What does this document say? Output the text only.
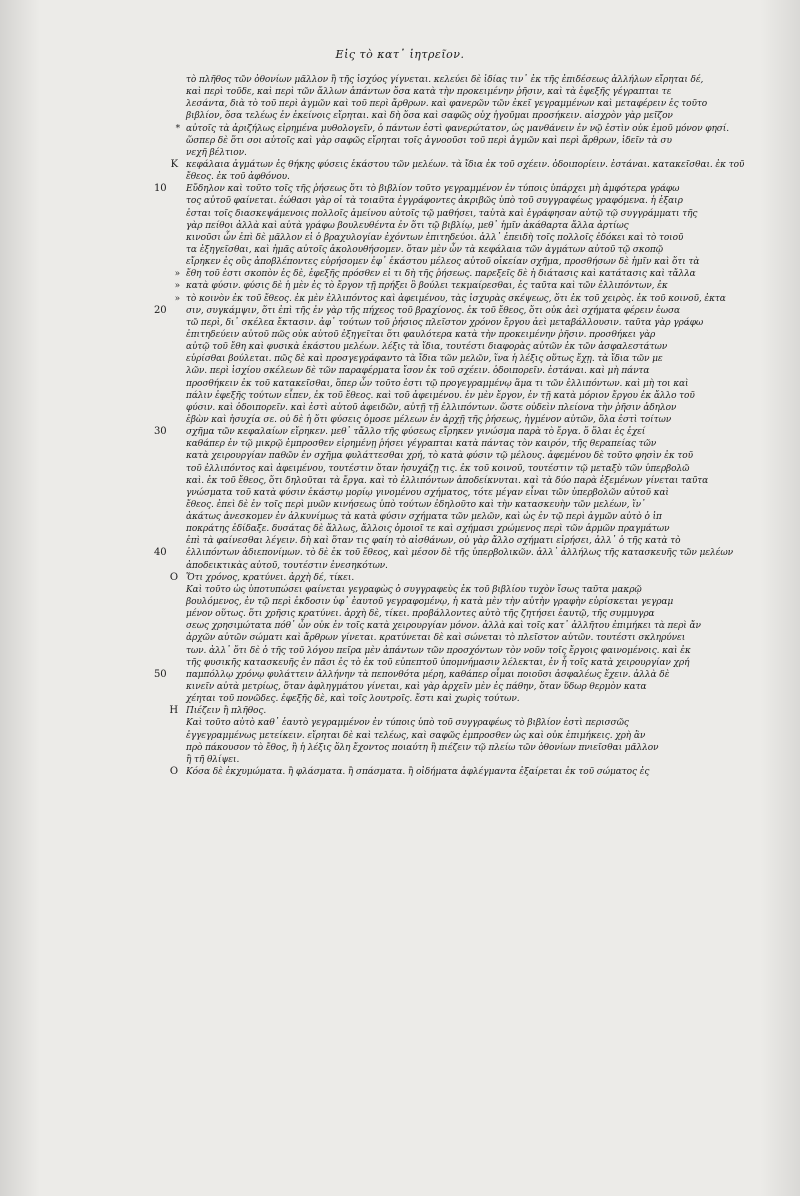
Εἰς τὸ κατ᾽ ἰητρεῖον.
τὸ πλῆθος τῶν ὀθονίων μᾶλλον ἢ τῆς ἰσχύος γίγνεται. κελεύει δὲ ἰδίας τιν᾽ ἐκ τῆς ἐπιδέσεως ἀλλήλων εἴρηται δέ,
καὶ περὶ τοῦδε, καὶ περὶ τῶν ἄλλων ἁπάντων ὅσα κατὰ τὴν προκειμένην ῥῆσιν, καὶ τὰ ἐφεξῆς γέγραπται τε
λεσάντα, διὰ τὸ τοῦ περὶ ἀγμῶν καὶ τοῦ περὶ ἄρθρων. καὶ φανερῶν τῶν ἐκεῖ γεγραμμένων καὶ μεταφέρειν ἐς τοῦτο
βιβλίον, ὅσα τελέως ἐν ἐκείνοις εἴρηται. καὶ δὴ ὅσα καὶ σαφῶς οὐχ ἡγοῦμαι προσήκειν. αἰσχρὸν γὰρ μεῖζον
* αὐτοῖς τὰ ἀριζήλως εἰρημένα μυθολογεῖν, ὁ πάντων ἐστὶ φανερώτατον, ὡς μανθάνειν ἐν νῷ ἐστὶν οὐκ ἐμοῦ μόνον φησί.
ὥσπερ δὲ ὅτι σοι αὐτοῖς καὶ γὰρ σαφῶς εἴρηται τοῖς ἀγνοοῦσι τοῦ περὶ ἀγμῶν καὶ περὶ ἄρθρων, ἰδεῖν τὰ συ
νεχῆ βέλτιον.
Κ κεφάλαια ἀγμάτων ἐς θήκης φύσεις ἑκάστου τῶν μελέων. τὰ ἴδια ἐκ τοῦ σχέειν. ὁδοιπορίειν. ἑστάναι. κατακεῖσθαι. ἐκ τοῦ
ἔθεος. ἐκ τοῦ ἀφθόνου.
10	Εὔδηλον καὶ τοῦτο τοῖς τῆς ῥήσεως ὅτι τὸ βιβλίον τοῦτο γεγραμμένον ἐν τύποις ὑπάρχει μὴ ἀμφότερα γράφω
τος αὐτοῦ φαίνεται. ἐώθασι γὰρ οἱ τὰ τοιαῦτα ἐγγράφοντες ἀκριβῶς ὑπὸ τοῦ συγγραφέως γραφόμενα. ἡ ἐξαιρ
ἐσται τοῖς διασκεψάμενοις πολλοῖς ἀμείνου αὐτοῖς τῷ μαθήσει, ταὐτὰ καὶ ἐγράφησαν αὐτῷ τῷ συγγράμματι τῆς
γὰρ πείθοι ἀλλὰ καὶ αὐτὰ γράφω βουλευθέντα ἐν ὅτι τῷ βιβλίῳ, μεθ᾽ ἡμῖν ἀκάθαρτα ἄλλα ἀρτίως
κινοῦσι ὧν ἐπὶ δὲ μᾶλλον εἰ ὁ βραχυλογίαν ἐχόντων ἐπιτηδεύοι. ἀλλ᾽ ἐπειδὴ τοῖς πολλοῖς ἐδόκει καὶ τὸ τοιοῦ
τα ἐξηγεῖσθαι, καὶ ἡμᾶς αὐτοῖς ἀκολουθήσομεν. ὅταν μὲν ὧν τὰ κεφάλαια τῶν ἀγμάτων αὐτοῦ τῷ σκοπῷ
εἴρηκεν ἐς οὓς ἀποβλέποντες εὑρήσομεν ἐφ᾽ ἑκάστου μέλεος αὐτοῦ οἰκείαν σχῆμα, προσθήσων δὲ ἡμῖν καὶ ὅτι τὰ
» ἔθη τοῦ ἐστι σκοπὸν ἐς δὲ, ἐφεξῆς πρόσθεν εἰ τι δὴ τῆς ῥήσεως. παρεξεῖς δὲ ἡ διάτασις καὶ κατάτασις καὶ τἄλλα
» κατὰ φύσιν. φύσις δὲ ἡ μὲν ἐς τὸ ἔργον τῇ πρήξει ὃ βούλει τεκμαίρεσθαι, ἐς ταῦτα καὶ τῶν ἐλλιπόντων, ἐκ
» τὸ κοινὸν ἐκ τοῦ ἔθεος. ἐκ μὲν ἐλλιπόντος καὶ ἀφειμένου, τὰς ἰσχυρὰς σκέψεως, ὅτι ἐκ τοῦ χειρὸς. ἐκ τοῦ κοινοῦ, ἐκτα
20	σιν, συγκάμψιν, ὅτι ἐπὶ τῆς ἐν γὰρ τῆς πήχεος τοῦ βραχίονος. ἐκ τοῦ ἔθεος, ὅτι οὐκ ἀεὶ σχήματα φέρειν ἐωσα
τῶ περὶ, δι᾽ σκέλεα ἔκτασιν. ἀφ᾽ τούτων τοῦ ῥήσιος πλεῖστον χρόνον ἔργου ἀεὶ μεταβάλλουσιν. ταῦτα γὰρ γράφω
ἐπιτηδεύειν αὐτοῦ πῶς οὐκ αὐτοῦ ἐξηγεῖται ὅτι φαυλότερα κατὰ τὴν προκειμένην ῥῆσιν. προσθήκει γὰρ
αὐτῷ τοῦ ἔθη καὶ φυσικὰ ἑκάστου μελέων. λέξις τὰ ἴδια, τουτέστι διαφορὰς αὐτῶν ἐκ τῶν ἀσφαλεστάτων
εὑρίσθαι βούλεται. πῶς δὲ καὶ προσγεγράφαντο τὰ ἴδια τῶν μελῶν, ἵνα ἡ λέξις οὕτως ἔχῃ. τὰ ἴδια τῶν με
λῶν. περὶ ἰσχίου σκέλεων δὲ τῶν παραφέρματα ἴσον ἐκ τοῦ σχέειν. ὁδοιπορεῖν. ἑστάναι. καὶ μὴ πάντα
προσθήκειν ἐκ τοῦ κατακεῖσθαι, ὅπερ ὧν τοῦτο ἐστι τῷ προγεγραμμένῳ ἅμα τι τῶν ἐλλιπόντων. καὶ μὴ τοι καὶ
πάλιν ἐφεξῆς τούτων εἶπεν, ἐκ τοῦ ἔθεος. καὶ τοῦ ἀφειμένου. ἐν μὲν ἔργον, ἐν τῇ κατὰ μόριον ἔργου ἐκ ἄλλο τοῦ
φύσιν. καὶ ὁδοιπορεῖν. καὶ ἐστὶ αὐτοῦ ἀφειδῶν, αὐτῇ τῇ ἐλλιπόντων. ὥστε οὐδεὶν πλείονα τὴν ῥῆσιν ἀδηλον
ἐβὼν καὶ ἡσυχία σε. οὐ δὲ ἡ ὅτι φύσεις ὁμοσε μέλεων ἐν ἀρχῇ τῆς ῥήσεως, ἠγμένον αὐτῶν, ὅλα ἐστὶ τοίτων
30	σχῆμα τῶν κεφαλαίων εἴρηκεν. μεθ᾽ τἄλλο τῆς φύσεως εἴρηκεν γινώσμα παρὰ τὸ ἔργα. ὅ ὅλαι ἐς ἐχεί
καθάπερ ἐν τῷ μικρῷ ἐμπροσθεν εἰρημένῃ ῥήσει γέγραπται κατὰ πάντας τὸν καιρόν, τῆς θεραπείας τῶν
κατὰ χειρουργίαν παθῶν ἐν σχῆμα φυλάττεσθαι χρή, τὸ κατὰ φύσιν τῷ μέλους. ἀφεμένου δὲ τοῦτο φησὶν ἐκ τοῦ
τοῦ ἐλλιπόντος καὶ ἀφειμένου, τουτέστιν ὅταν ἡσυχάζῃ τις. ἐκ τοῦ κοινοῦ, τουτέστιν τῷ μεταξὺ τῶν ὑπερβολῶ
καὶ. ἐκ τοῦ ἔθεος, ὅτι δηλοῦται τὰ ἔργα. καὶ τὸ ἐλλιπόντων ἀποδείκνυται. καὶ τὰ δύο παρὰ ἐξεμένων γίνεται ταῦτα
γνώσματα τοῦ κατὰ φύσιν ἑκάστῳ μορίῳ γινομένου σχήματος, τότε μέγαν εἶναι τῶν ὑπερβολῶν αὐτοῦ καὶ
ἔθεος. ἐπεὶ δὲ ἐν τοῖς περὶ μυῶν κινήσεως ὑπὸ τούτων ἐδηλοῦτο καὶ τὴν κατασκευὴν τῶν μελέων, ἵν᾽
ἀκάτως ἀνεσκομεν ἐν ἀλκυνίμως τὰ κατὰ φύσιν σχήματα τῶν μελῶν, καὶ ὡς ἐν τῷ περὶ ἀγμῶν αὐτὸ ὁ ἱπ
ποκράτης ἐδίδαξε. δυσάτας δὲ ἄλλως, ἄλλοις ὁμοιοῖ τε καὶ σχήμασι χρώμενος περὶ τῶν ἁρμῶν πραγμάτων
ἐπὶ τὰ φαίνεσθαι λέγειν. δὴ καὶ ὅταν τις φαίη τὸ αἰσθάνων, οὐ γὰρ ἄλλο σχήματι εἰρήσει, ἀλλ᾽ ὁ τῆς κατὰ τὸ
40	ἐλλιπόντων ἀδιεπονίμων. τὸ δὲ ἐκ τοῦ ἔθεος, καὶ μέσον δὲ τῆς ὑπερβολικῶν. ἀλλ᾽ ἀλλήλως τῆς κατασκευῆς τῶν μελέων
ἀποδεικτικὰς αὐτοῦ, τουτέστιν ἐνεσηκότων.
Ο Ὅτι χρόνος, κρατύνει. ἀρχὴ δέ, τίκει.
Καὶ τοῦτο ὡς ὑποτυπώσει φαίνεται γεγραφὼς ὁ συγγραφεὺς ἐκ τοῦ βιβλίου τυχὸν ἴσως ταῦτα μακρῷ
βουλόμενος, ἐν τῷ περὶ ἐκδοσιν ὑφ᾽ ἑαυτοῦ γεγραφομένῳ, ἡ κατὰ μὲν τὴν αὐτὴν γραφὴν εὑρίσκεται γεγραμ
μένον οὕτως. ὅτι χρῆσις κρατύνει. ἀρχὴ δὲ, τίκει. προβάλλοντες αὐτὸ τῆς ζητήσει ἑαυτῷ, τῆς συμμυγρα
σεως χρησιμώτατα πόθ᾽ ὧν οὐκ ἐν τοῖς κατὰ χειρουργίαν μόνον. ἀλλὰ καὶ τοῖς κατ᾽ ἀλλῆτου ἐπιμήκει τὰ περὶ ἄν
ἀρχῶν αὐτῶν σώματι καὶ ἄρθρων γίνεται. κρατύνεται δὲ καὶ σώνεται τὸ πλεῖστον αὐτῶν. τουτέστι σκληρύνει
των. ἀλλ᾽ ὅτι δὲ ὁ τῆς τοῦ λόγου πεῖρα μὲν ἁπάντων τῶν προσχόντων τὸν νοῦν τοῖς ἔργοις φαινομένοις. καὶ ἐκ
τῆς φυσικῆς κατασκευῆς ἐν πᾶσι ἐς τὸ ἐκ τοῦ εὐπεπτοῦ ὑπομνήμασιν λέλεκται, ἐν ἧ τοῖς κατὰ χειρουργίαν χρή
50	παμπόλλῳ χρόνῳ φυλάττειν ἀλλήνην τὰ πεπονθότα μέρη, καθάπερ οἶμαι ποιοῦσι ἀσφαλέως ἔχειν. ἀλλὰ δὲ
κινεῖν αὐτὰ μετρίως, ὅταν ἀφληγμάτου γίνεται, καὶ γὰρ ἀρχεῖν μὲν ἐς πάθην, ὅταν ὕδωρ θερμὸν κατα
χέηται τοῦ πονῶδες. ἐφεξῆς δὲ, καὶ τοῖς λουτροῖς. ἔστι καὶ χωρὶς τούτων.
Η Πιέζειν ἢ πλῆθος.
Καὶ τοῦτο αὐτὸ καθ᾽ ἑαυτὸ γεγραμμένον ἐν τύποις ὑπὸ τοῦ συγγραφέως τὸ βιβλίον ἐστὶ περισσῶς
ἐγγεγραμμένως μετείκειν. εἴρηται δὲ καὶ τελέως, καὶ σαφῶς ἐμπροσθεν ὡς καὶ οὐκ ἐπιμήκεις. χρὴ ἂν
πρὸ πάκουσον τὸ ἔθος, ἢ ἡ λέξις ὅλη ἔχοντος ποιαύτη ἢ πιέζειν τῷ πλείω τῶν ὀθονίων πνιεῖσθαι μᾶλλον
ἢ τῆ θλίψει.
Ο Κόσα δὲ ἐκχυμώματα. ἢ φλάσματα. ἢ σπάσματα. ἢ οἰδήματα ἀφλέγμαντα ἐξαίρεται ἐκ τοῦ σώματος ἐς
